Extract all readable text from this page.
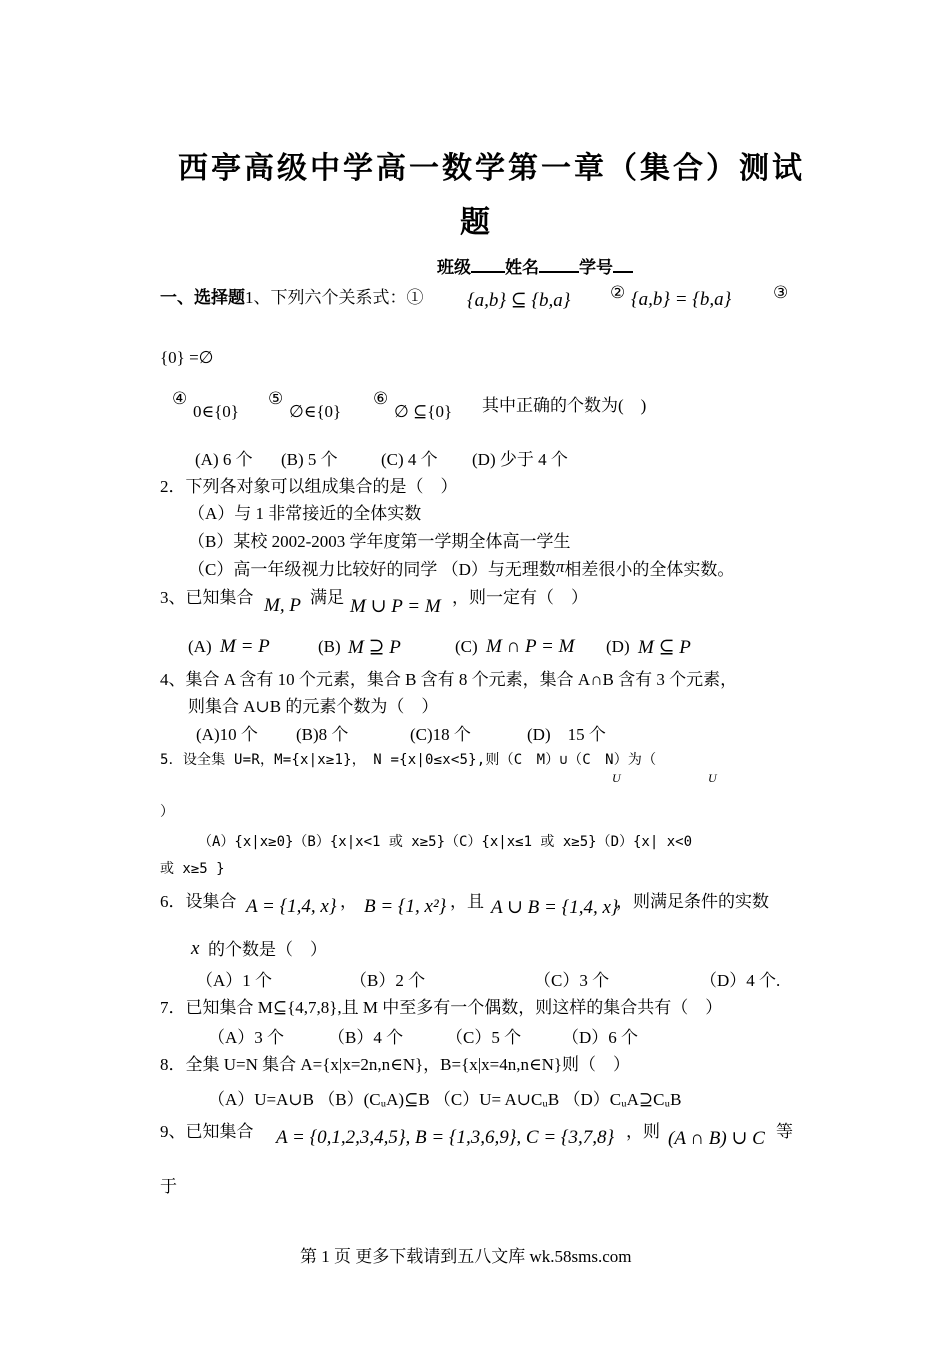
西亭高级中学高一数学第一章（集合）测试
题
班级 姓名 学号
一、选择题1、下列六个关系式：① {a,b} ⊆ {b,a} ② {a,b} = {b,a} ③
{0} =∅
④
0∈{0}
⑤
∅∈{0}
⑥
∅ ⊆{0} 其中正确的个数为(　)
(A) 6 个 (B) 5 个	(C) 4 个 (D) 少于 4 个
2．下列各对象可以组成集合的是（　）
（A）与 1 非常接近的全体实数
（B）某校 2002-2003 学年度第一学期全体高一学生
（C）高一年级视力比较好的同学 （D）与无理数π相差很小的全体实数。
3、已知集合 M, P 满足 M ∪ P = M ，则一定有（　）
(A) M = P	(B) M ⊇ P	(C) M ∩ P = M (D) M ⊆ P
4、集合 A 含有 10 个元素，集合 B 含有 8 个元素，集合 A∩B 含有 3 个元素，
则集合 A∪B 的元素个数为（　）
(A)10 个 (B)8 个	(C)18 个	(D)　15 个
5．设全集 U=R，M={x|x≥1}，　N ={x|0≤x<5},则（C　M）∪（C　N）为（
U	U
）
（A）{x|x≥0}（B）{x|x<1 或 x≥5}（C）{x|x≤1 或 x≥5}（D）{x| x<0
或 x≥5 }
6．设集合 A = {1,4, x} ， B = {1, x²} ，且 A ∪ B = {1,4, x}
，则满足条件的实数
x 的个数是（　）
（A）1 个	（B）2 个	（C）3 个	（D）4 个.
7．已知集合 M⊆{4,7,8},且 M 中至多有一个偶数，则这样的集合共有（　）
（A）3 个	（B）4 个	（C）5 个 （D）6 个
8．全集 U=N 集合 A={x|x=2n,n∈N}，B={x|x=4n,n∈N}则（　）
（A）U=A∪B （B）(CᵤA)⊆B （C）U= A∪CᵤB （D）CᵤA⊇CᵤB
9、已知集合 A = {0,1,2,3,4,5}, B = {1,3,6,9}, C = {3,7,8} ，则 (A ∩ B) ∪ C 等
于
第 1 页 更多下载请到五八文库 wk.58sms.com
